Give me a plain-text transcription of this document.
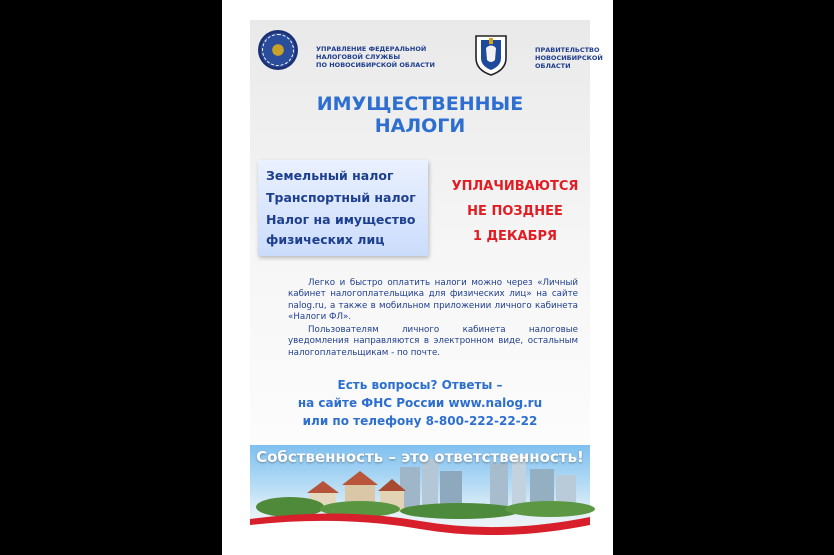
УПРАВЛЕНИЕ ФЕДЕРАЛЬНОЙ
НАЛОГОВОЙ СЛУЖБЫ
ПО НОВОСИБИРСКОЙ ОБЛАСТИ
ПРАВИТЕЛЬСТВО
НОВОСИБИРСКОЙ
ОБЛАСТИ
ИМУЩЕСТВЕННЫЕ
НАЛОГИ

Земельный налог

Транспортный налог

Налог на имущество

физических лиц

УПЛАЧИВАЮТСЯ
НЕ ПОЗДНЕЕ
1 ДЕКАБРЯ

Легко и быстро оплатить налоги можно через «Личный кабинет налогоплательщика для физических лиц» на сайте nalog.ru, а также в мобильном приложении личного кабинета «Налоги ФЛ».

Пользователям личного кабинета налоговые уведомления направляются в электронном виде, остальным налогоплательщикам - по почте.

Есть вопросы? Ответы –

на сайте ФНС России www.nalog.ru

или по телефону 8-800-222-22-22

Собственность – это ответственность!
